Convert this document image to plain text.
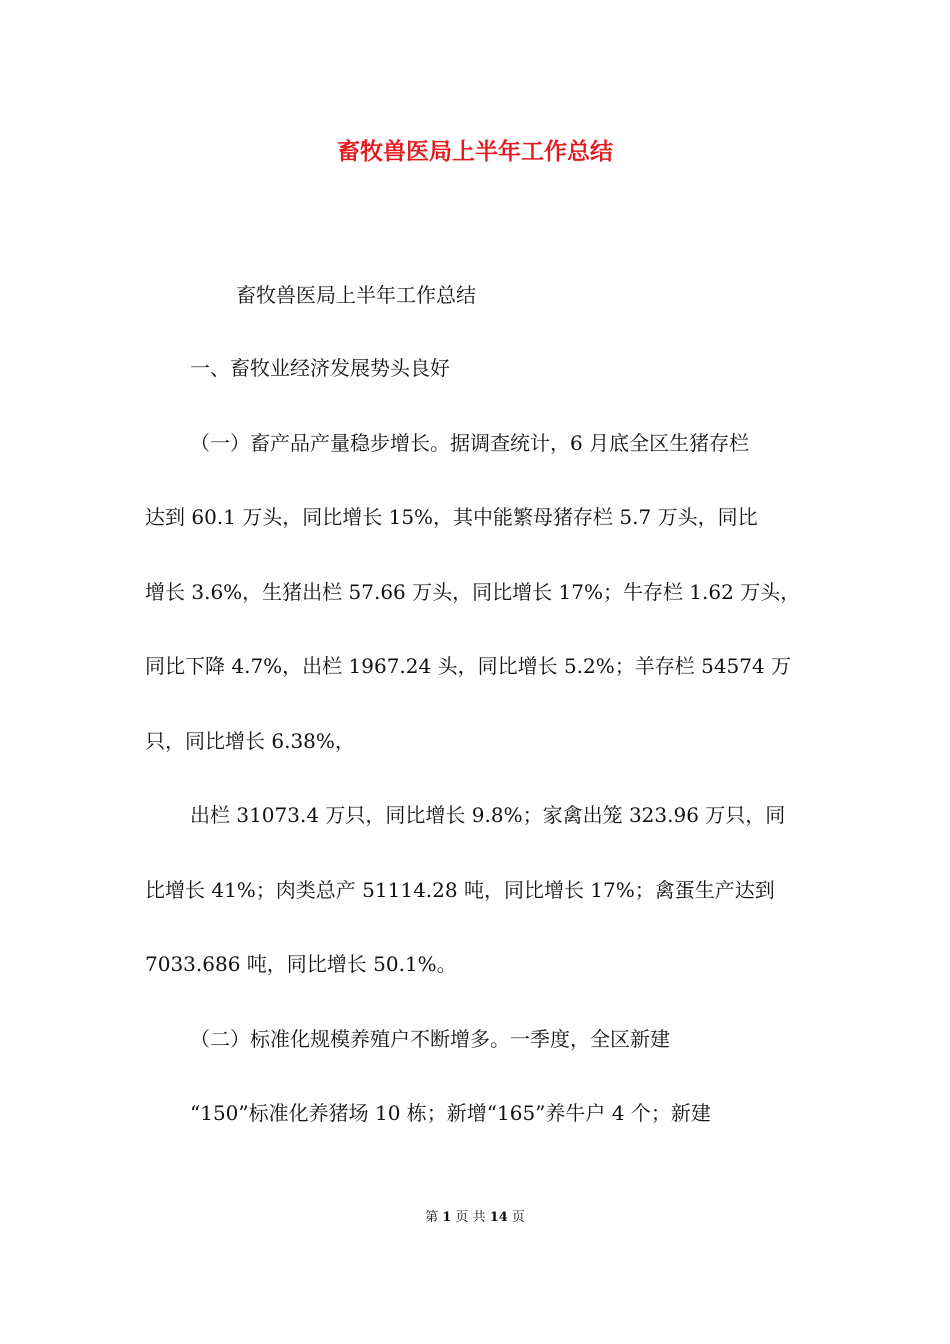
畜牧兽医局上半年工作总结
畜牧兽医局上半年工作总结
一、畜牧业经济发展势头良好
（一）畜产品产量稳步增长。据调查统计，6 月底全区生猪存栏
达到 60.1 万头，同比增长 15%，其中能繁母猪存栏 5.7 万头，同比
增长 3.6%，生猪出栏 57.66 万头，同比增长 17%；牛存栏 1.62 万头，
同比下降 4.7%，出栏 1967.24 头，同比增长 5.2%；羊存栏 54574 万
只，同比增长 6.38%，
出栏 31073.4 万只，同比增长 9.8%；家禽出笼 323.96 万只，同
比增长 41%；肉类总产 51114.28 吨，同比增长 17%；禽蛋生产达到
7033.686 吨，同比增长 50.1%。
（二）标准化规模养殖户不断增多。一季度，全区新建
“150”标准化养猪场 10 栋；新增“165”养牛户 4 个；新建
第 1 页 共 14 页
